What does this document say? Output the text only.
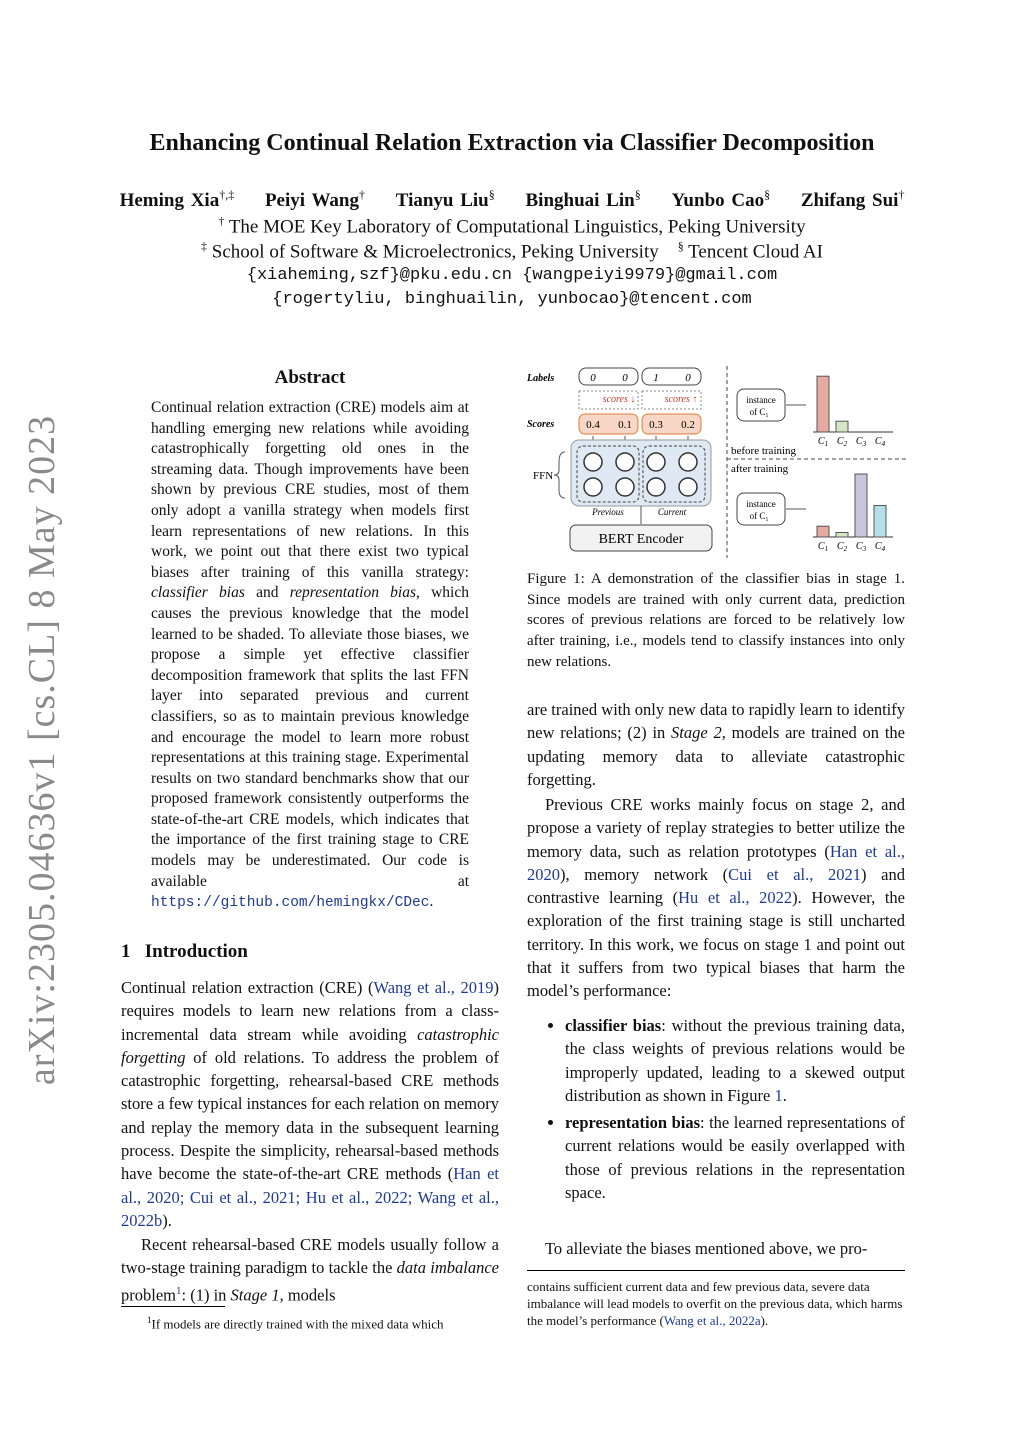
arXiv:2305.04636v1 [cs.CL] 8 May 2023
Enhancing Continual Relation Extraction via Classifier Decomposition
Heming Xia†,‡ Peiyi Wang† Tianyu Liu§ Binghuai Lin§ Yunbo Cao§ Zhifang Sui†
† The MOE Key Laboratory of Computational Linguistics, Peking University
‡ School of Software & Microelectronics, Peking University § Tencent Cloud AI
{xiaheming,szf}@pku.edu.cn {wangpeiyi9979}@gmail.com
{rogertyliu, binghuailin, yunbocao}@tencent.com
Abstract
Continual relation extraction (CRE) models aim at handling emerging new relations while avoiding catastrophically forgetting old ones in the streaming data. Though improvements have been shown by previous CRE studies, most of them only adopt a vanilla strategy when models first learn representations of new relations. In this work, we point out that there exist two typical biases after training of this vanilla strategy: classifier bias and representation bias, which causes the previous knowledge that the model learned to be shaded. To alleviate those biases, we propose a simple yet effective classifier decomposition framework that splits the last FFN layer into separated previous and current classifiers, so as to maintain previous knowledge and encourage the model to learn more robust representations at this training stage. Experimental results on two standard benchmarks show that our proposed framework consistently outperforms the state-of-the-art CRE models, which indicates that the importance of the first training stage to CRE models may be underestimated. Our code is available at https://github.com/hemingkx/CDec.
1 Introduction
Continual relation extraction (CRE) (Wang et al., 2019) requires models to learn new relations from a class-incremental data stream while avoiding catastrophic forgetting of old relations. To address the problem of catastrophic forgetting, rehearsal-based CRE methods store a few typical instances for each relation on memory and replay the memory data in the subsequent learning process. Despite the simplicity, rehearsal-based methods have become the state-of-the-art CRE methods (Han et al., 2020; Cui et al., 2021; Hu et al., 2022; Wang et al., 2022b).
Recent rehearsal-based CRE models usually follow a two-stage training paradigm to tackle the data imbalance problem$^1$: (1) in Stage 1, models
$^1$If models are directly trained with the mixed data which
Labels
Scores
FFN
0 0 1 0
scores ↓	scores ↑
0.4 0.1 0.3 0.2
Previous	Current
BERT Encoder
before training
after training
instance
of $C_1$
instance
of $C_1$
$C_1$ $C_2$ $C_3$ $C_4$
$C_1$ $C_2$ $C_3$ $C_4$
Figure 1: A demonstration of the classifier bias in stage 1. Since models are trained with only current data, prediction scores of previous relations are forced to be relatively low after training, i.e., models tend to classify instances into only new relations.
are trained with only new data to rapidly learn to identify new relations; (2) in Stage 2, models are trained on the updating memory data to alleviate catastrophic forgetting.
Previous CRE works mainly focus on stage 2, and propose a variety of replay strategies to better utilize the memory data, such as relation prototypes (Han et al., 2020), memory network (Cui et al., 2021) and contrastive learning (Hu et al., 2022). However, the exploration of the first training stage is still uncharted territory. In this work, we focus on stage 1 and point out that it suffers from two typical biases that harm the model’s performance:
• classifier bias: without the previous training data, the class weights of previous relations would be improperly updated, leading to a skewed output distribution as shown in Figure 1.
• representation bias: the learned representations of current relations would be easily overlapped with those of previous relations in the representation space.
To alleviate the biases mentioned above, we pro-
contains sufficient current data and few previous data, severe data imbalance will lead models to overfit on the previous data, which harms the model’s performance (Wang et al., 2022a).
